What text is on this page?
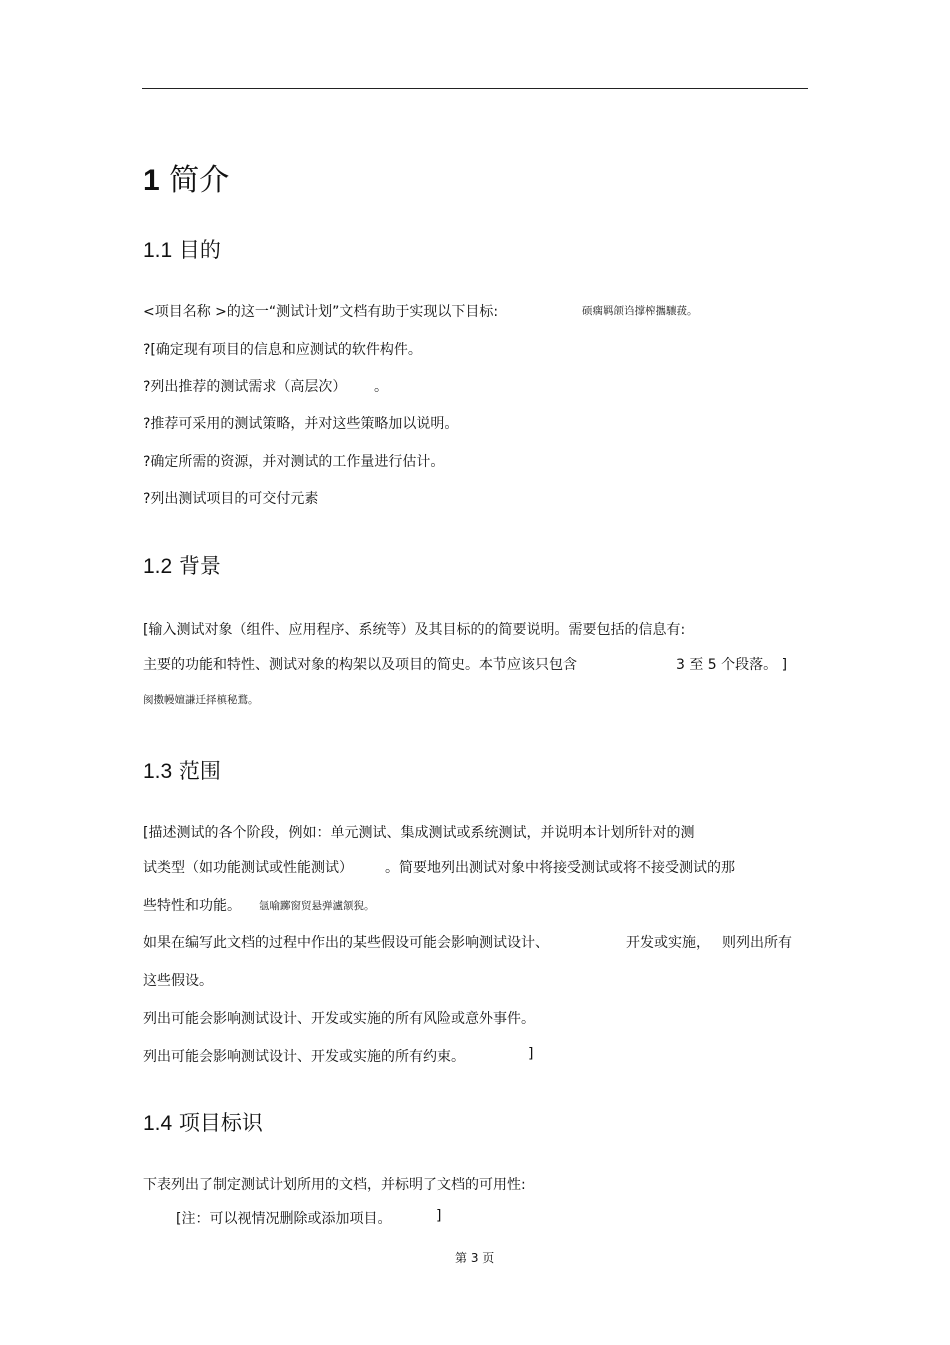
1 简介
1.1 目的
<项目名称 >的这一“测试计划”文档有助于实现以下目标:	硕瘸羁颌诌撑榨攜驤菝。
?[确定现有项目的信息和应测试的软件构件。
?列出推荐的测试需求（高层次） 。
?推荐可采用的测试策略，并对这些策略加以说明。
?确定所需的资源，并对测试的工作量进行估计。
?列出测试项目的可交付元素
1.2 背景
[输入测试对象（组件、应用程序、系统等）及其目标的的简要说明。需要包括的信息有:
主要的功能和特性、测试对象的构架以及项目的简史。本节应该只包含	3 至 5 个段落。 ]
阂擞幔嬗謙迁择槙秘鶩。
1.3 范围
[描述测试的各个阶段，例如：单元测试、集成测试或系统测试，并说明本计划所针对的测
试类型（如功能测试或性能测试） 。简要地列出测试对象中将接受测试或将不接受测试的那
些特性和功能。 氬喻躑窗贸悬弹瀘颔猊。
如果在编写此文档的过程中作出的某些假设可能会影响测试设计、	开发或实施， 则列出所有
这些假设。
列出可能会影响测试设计、开发或实施的所有风险或意外事件。
列出可能会影响测试设计、开发或实施的所有约束。	]
1.4 项目标识
下表列出了制定测试计划所用的文档，并标明了文档的可用性:
[注：可以视情况删除或添加项目。	]
第 3 页
